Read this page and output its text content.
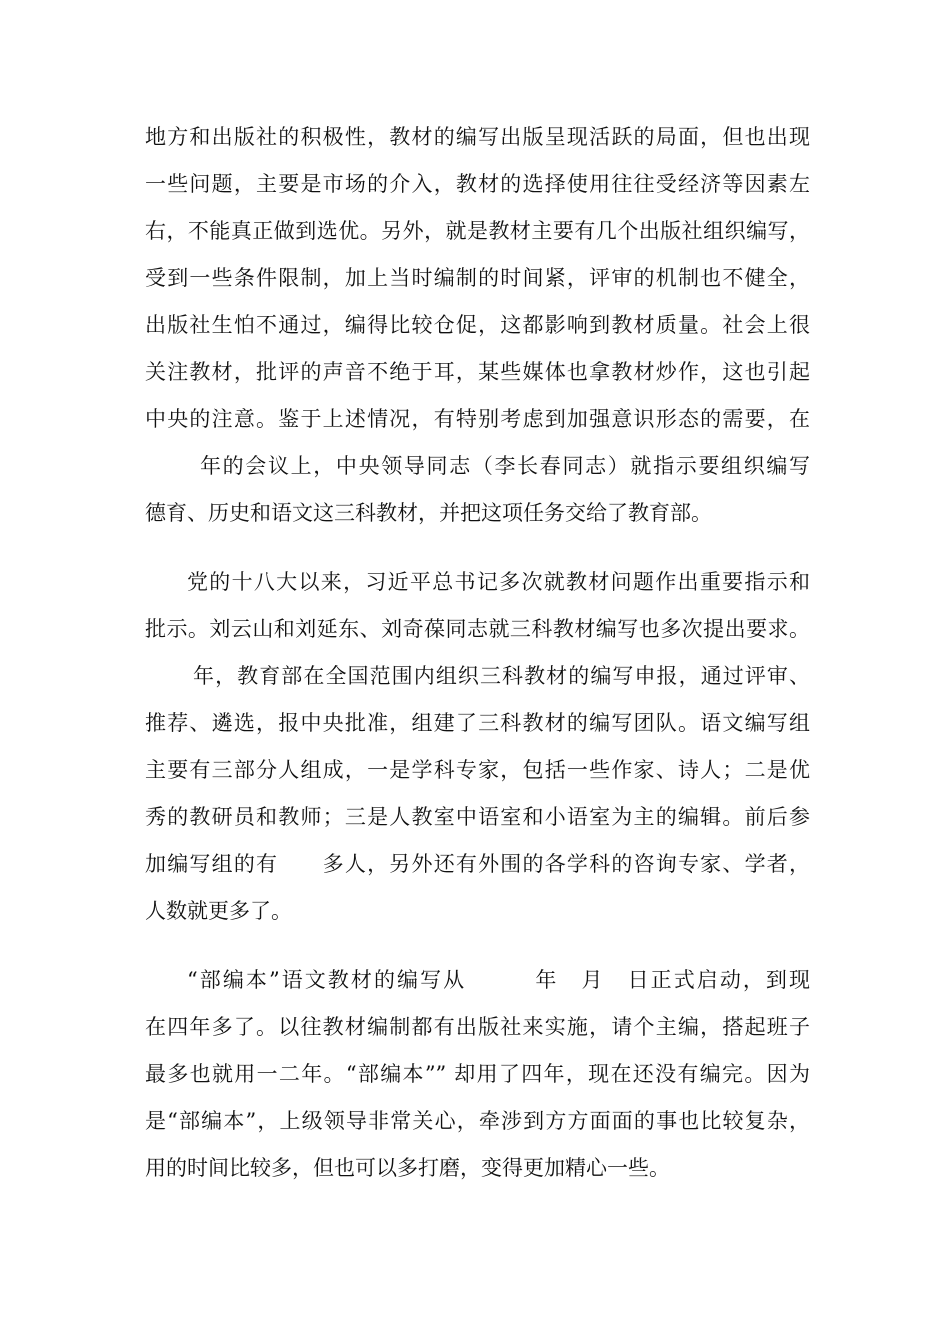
地方和出版社的积极性，教材的编写出版呈现活跃的局面，但也出现
一些问题，主要是市场的介入，教材的选择使用往往受经济等因素左
右，不能真正做到选优。另外，就是教材主要有几个出版社组织编写，
受到一些条件限制，加上当时编制的时间紧，评审的机制也不健全，
出版社生怕不通过，编得比较仓促，这都影响到教材质量。社会上很
关注教材，批评的声音不绝于耳，某些媒体也拿教材炒作，这也引起
中央的注意。鉴于上述情况，有特别考虑到加强意识形态的需要，在
年的会议上，中央领导同志（李长春同志）就指示要组织编写
德育、历史和语文这三科教材，并把这项任务交给了教育部。
党的十八大以来，习近平总书记多次就教材问题作出重要指示和
批示。刘云山和刘延东、刘奇葆同志就三科教材编写也多次提出要求。
年，教育部在全国范围内组织三科教材的编写申报，通过评审、
推荐、遴选，报中央批准，组建了三科教材的编写团队。语文编写组
主要有三部分人组成，一是学科专家，包括一些作家、诗人；二是优
秀的教研员和教师；三是人教室中语室和小语室为主的编辑。前后参
加编写组的有　　多人，另外还有外围的各学科的咨询专家、学者，
人数就更多了。
“部编本”语文教材的编写从　　　年　月　日正式启动，到现
在四年多了。以往教材编制都有出版社来实施，请个主编，搭起班子
最多也就用一二年。“部编本”” 却用了四年，现在还没有编完。因为
是“部编本”，上级领导非常关心，牵涉到方方面面的事也比较复杂，
用的时间比较多，但也可以多打磨，变得更加精心一些。
